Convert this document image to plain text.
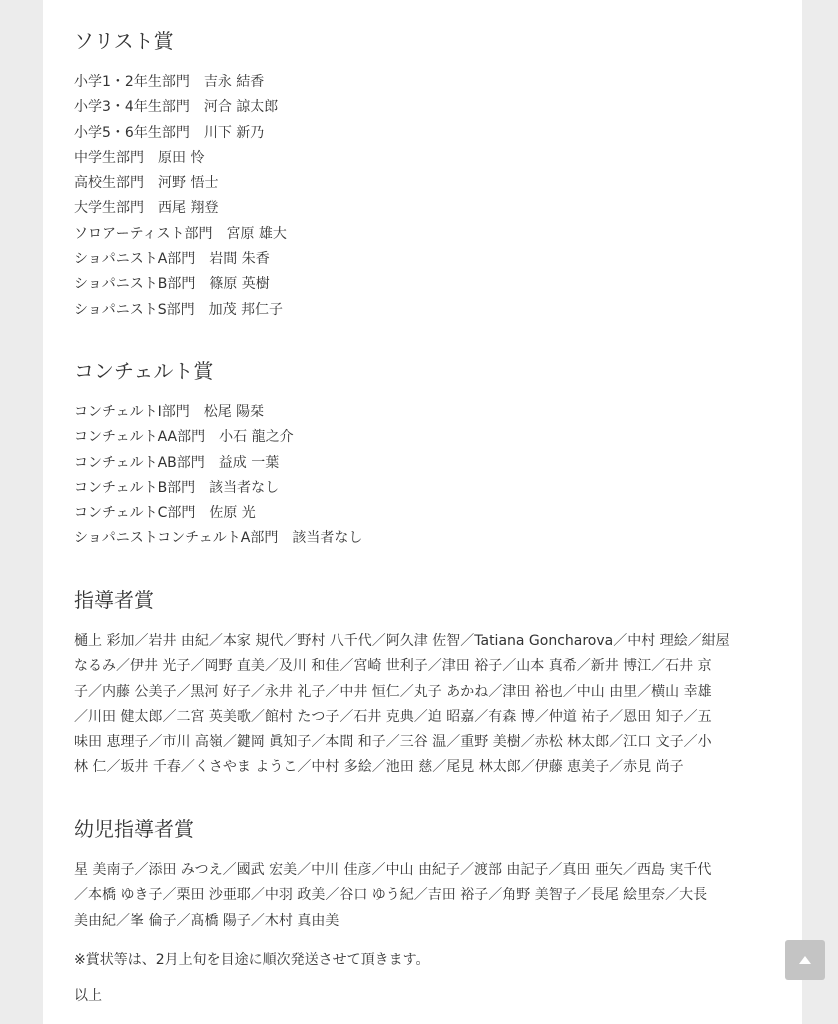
ソリスト賞
小学1・2年生部門　吉永 結香
小学3・4年生部門　河合 諒太郎
小学5・6年生部門　川下 新乃
中学生部門　原田 怜
高校生部門　河野 悟士
大学生部門　西尾 翔登
ソロアーティスト部門　宮原 雄大
ショパニストA部門　岩間 朱香
ショパニストB部門　篠原 英樹
ショパニストS部門　加茂 邦仁子
コンチェルト賞
コンチェルトI部門　松尾 陽栞
コンチェルトAA部門　小石 龍之介
コンチェルトAB部門　益成 一葉
コンチェルトB部門　該当者なし
コンチェルトC部門　佐原 光
ショパニストコンチェルトA部門　該当者なし
指導者賞
樋上 彩加／岩井 由紀／本家 規代／野村 八千代／阿久津 佐智／Tatiana Goncharova／中村 理絵／紺屋
なるみ／伊井 光子／岡野 直美／及川 和佳／宮崎 世利子／津田 裕子／山本 真希／新井 博江／石井 京
子／内藤 公美子／黒河 好子／永井 礼子／中井 恒仁／丸子 あかね／津田 裕也／中山 由里／横山 幸雄
／川田 健太郎／二宮 英美歌／館村 たつ子／石井 克典／迫 昭嘉／有森 博／仲道 祐子／恩田 知子／五
味田 恵理子／市川 高嶺／鍵岡 眞知子／本間 和子／三谷 温／重野 美樹／赤松 林太郎／江口 文子／小
林 仁／坂井 千春／くさやま ようこ／中村 多絵／池田 慈／尾見 林太郎／伊藤 恵美子／赤見 尚子
幼児指導者賞
星 美南子／添田 みつえ／國武 宏美／中川 佳彦／中山 由紀子／渡部 由記子／真田 亜矢／西島 実千代
／本橋 ゆき子／栗田 沙亜耶／中羽 政美／谷口 ゆう紀／吉田 裕子／角野 美智子／長尾 絵里奈／大長
美由紀／峯 倫子／髙橋 陽子／木村 真由美

※賞状等は、2月上旬を目途に順次発送させて頂きます。

以上
